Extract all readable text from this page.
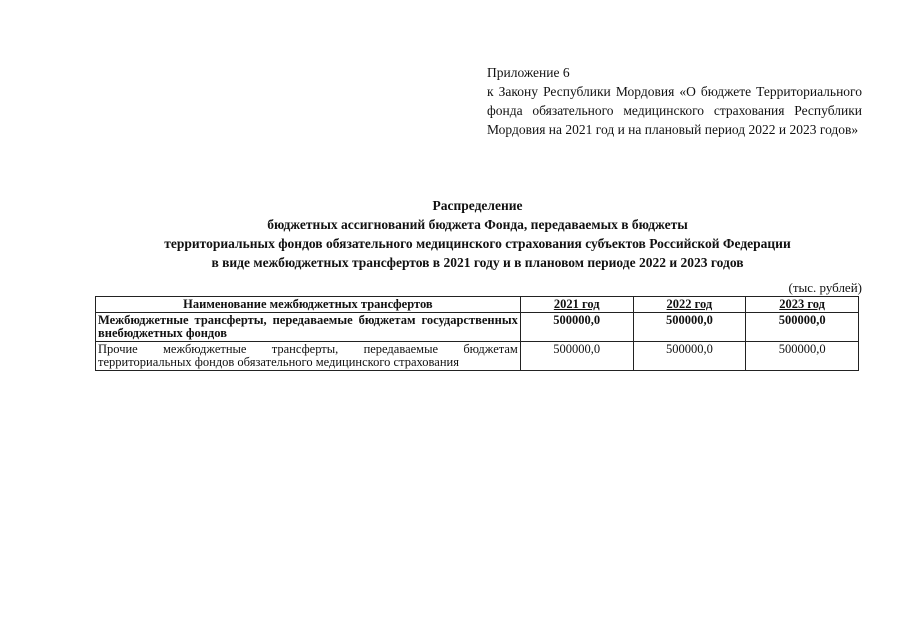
Приложение 6
к Закону Республики Мордовия «О бюджете Территориального фонда обязательного медицинского страхования Республики Мордовия на 2021 год и на плановый период 2022 и 2023 годов»
Распределение
бюджетных ассигнований бюджета Фонда, передаваемых в бюджеты
территориальных фондов обязательного медицинского страхования субъектов Российской Федерации
в виде межбюджетных трансфертов в 2021 году и в плановом периоде 2022 и 2023 годов
(тыс. рублей)
Наименование межбюджетных трансфертов	2021 год	2022 год	2023 год
Межбюджетные трансферты, передаваемые бюджетам государственных внебюджетных фондов	500000,0	500000,0	500000,0
Прочие межбюджетные трансферты, передаваемые бюджетам территориальных фондов обязательного медицинского страхования	500000,0	500000,0	500000,0
